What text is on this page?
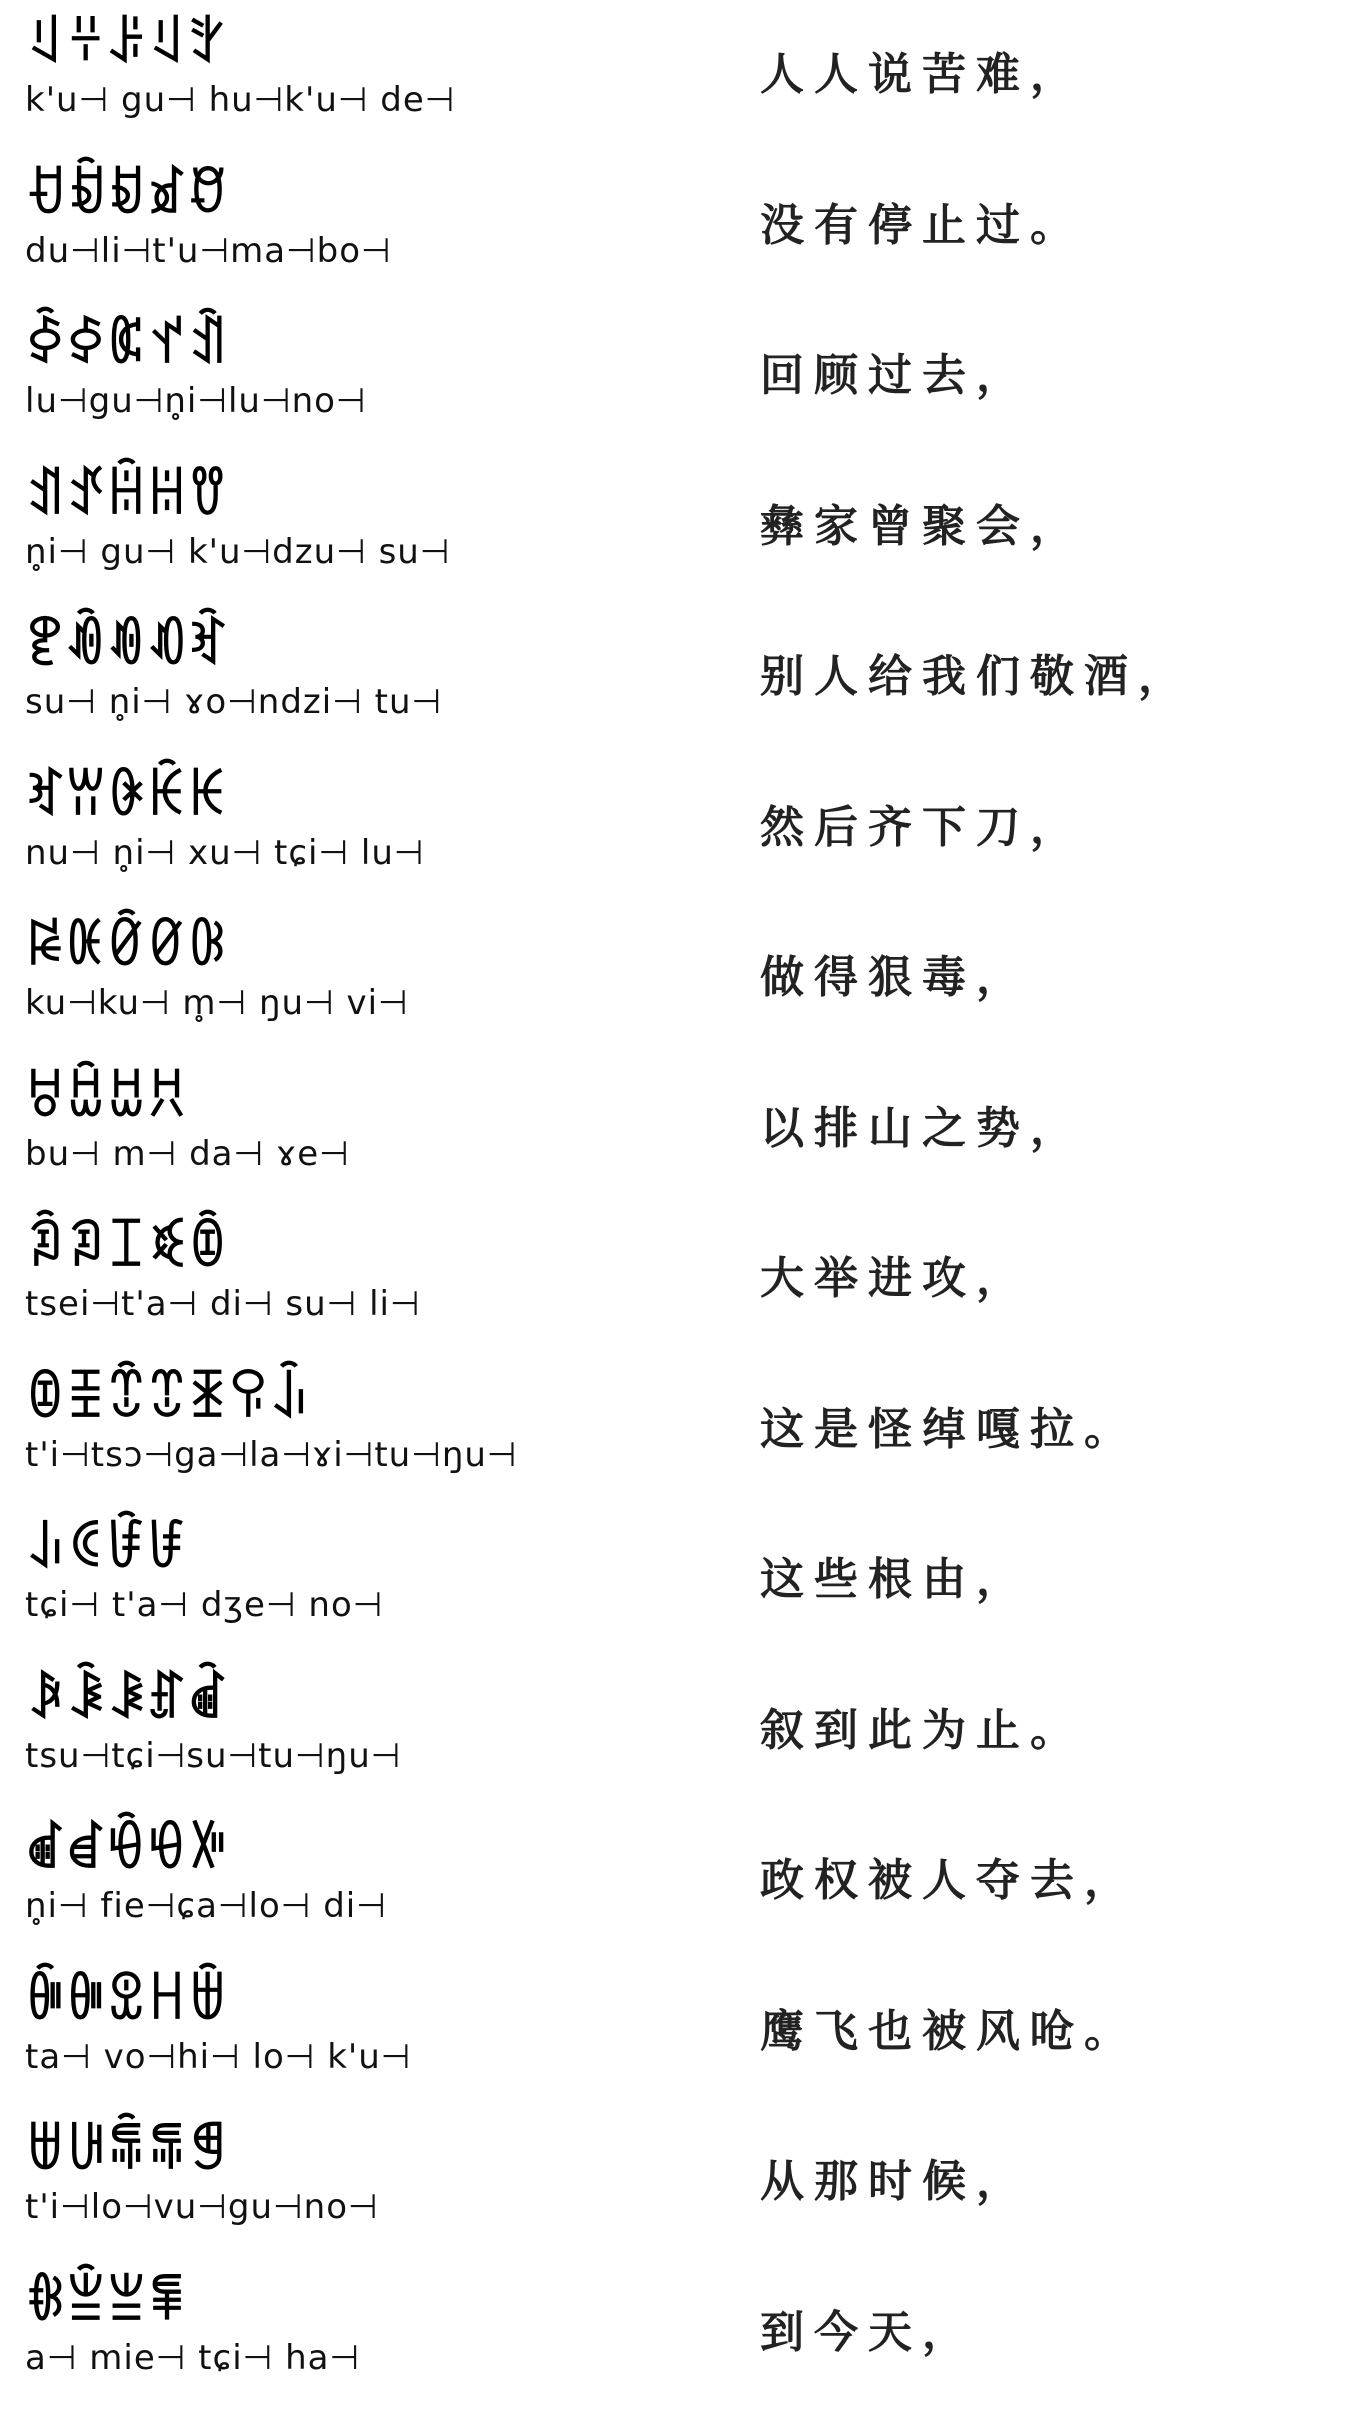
ꆹꇭꌠꆹꇬ
k'u⊣ gu⊣ hu⊣k'u⊣ de⊣	人人说苦难，
ꀀꀁꀂꀃꀄ
du⊣li⊣t'u⊣ma⊣bo⊣	没有停止过。
ꀅꀆꀇꀈꀉ
lu⊣gu⊣n̥i⊣lu⊣no⊣	回顾过去，
ꀊꀋꀌꀍꀎ
n̥i⊣ gu⊣ k'u⊣dzu⊣ su⊣	彝家曾聚会，
ꀏꀐꀑꀒꀓ
su⊣ n̥i⊣ ɤo⊣ndzi⊣ tu⊣	别人给我们敬酒，
ꀔꀕꀖꀗꀘ
nu⊣ n̥i⊣ xu⊣ tɕi⊣ lu⊣	然后齐下刀，
ꀙꀚꀛꀜꀝ
ku⊣ku⊣ m̥⊣ ŋu⊣ vi⊣	做得狠毒，
ꀞꀟꀠꀡ
bu⊣ m⊣ da⊣ ɤe⊣	以排山之势，
ꀢꀣꀤꀥꀦ
tsei⊣t'a⊣ di⊣ su⊣ li⊣	大举进攻，
ꀧꀨꀩꀪꀫꀬꀭ
t'i⊣tsɔ⊣ga⊣la⊣ɤi⊣tu⊣ŋu⊣	这是怪绰嘎拉。
ꀮꀯꀰꀱ
tɕi⊣ t'a⊣ dʒe⊣ no⊣	这些根由，
ꀲꀳꀴꀵꀶ
tsu⊣tɕi⊣su⊣tu⊣ŋu⊣	叙到此为止。
ꀷꀸꀹꀺꀻ
n̥i⊣ fie⊣ɕa⊣lo⊣ di⊣	政权被人夺去，
ꀼꀽꀾꀿꁀ
ta⊣ vo⊣hi⊣ lo⊣ k'u⊣	鹰飞也被风呛。
ꁁꁂꁃꁄꁅ
t'i⊣lo⊣vu⊣gu⊣no⊣	从那时候，
ꁆꁇꁈꁉ
a⊣ mie⊣ tɕi⊣ ha⊣	到今天，
